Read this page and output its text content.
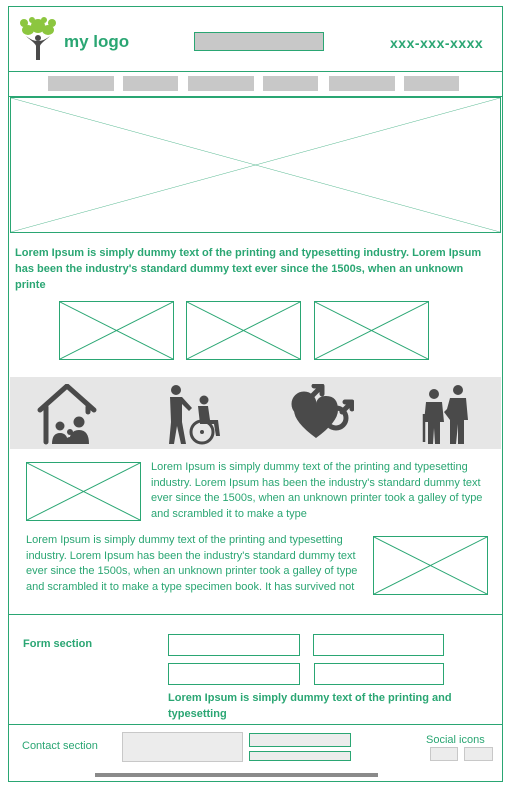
my logo	xxx-xxx-xxxx
Lorem Ipsum is simply dummy text of the printing and typesetting industry. Lorem Ipsum has been the industry's standard dummy text ever since the 1500s, when an unknown printe
Lorem Ipsum is simply dummy text of the printing and typesetting industry. Lorem Ipsum has been the industry's standard dummy text ever since the 1500s, when an unknown printer took a galley of type and scrambled it to make a type
Lorem Ipsum is simply dummy text of the printing and typesetting industry. Lorem Ipsum has been the industry's standard dummy text ever since the 1500s, when an unknown printer took a galley of type and scrambled it to make a type specimen book. It has survived not
Form section
Lorem Ipsum is simply dummy text of the printing and typesetting
Contact section	Social icons
